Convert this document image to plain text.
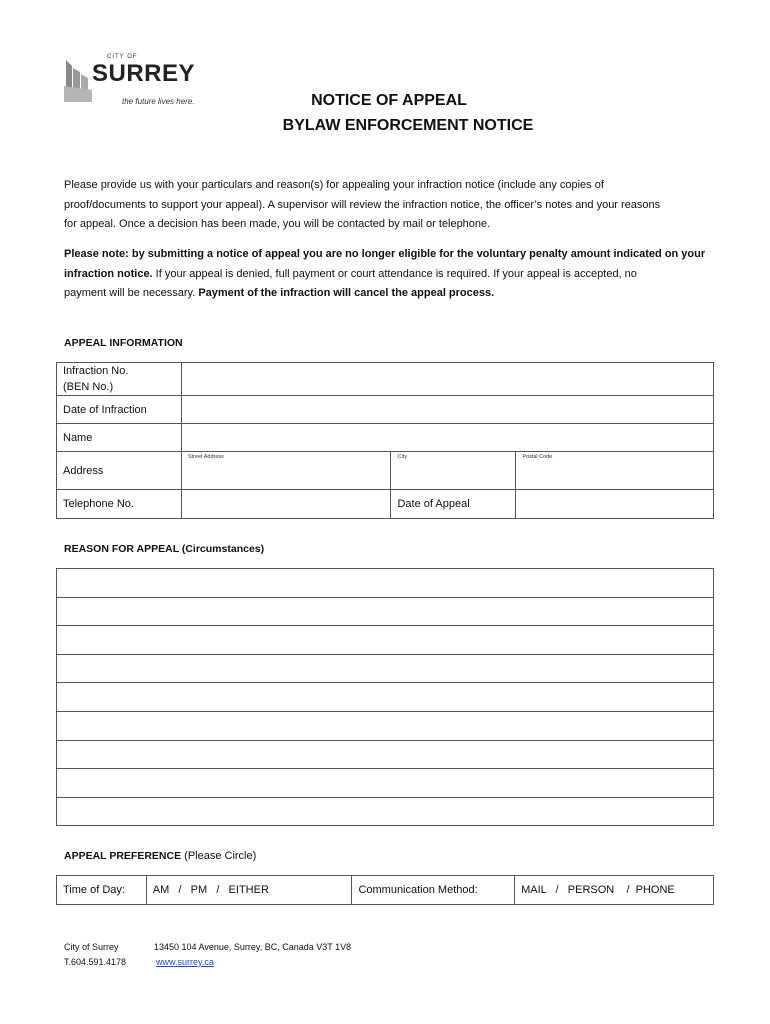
CITY OF
SURREY
the future lives here.	NOTICE OF APPEAL
BYLAW ENFORCEMENT NOTICE
Please provide us with your particulars and reason(s) for appealing your infraction notice (include any copies of
proof/documents to support your appeal). A supervisor will review the infraction notice, the officer’s notes and your reasons
for appeal. Once a decision has been made, you will be contacted by mail or telephone.
Please note: by submitting a notice of appeal you are no longer eligible for the voluntary penalty amount indicated on your
infraction notice. If your appeal is denied, full payment or court attendance is required. If your appeal is accepted, no
payment will be necessary. Payment of the infraction will cancel the appeal process.
APPEAL INFORMATION
Infraction No.
(BEN No.)			

Date of Infraction			
Name			
Address	Street Address	City	Postal Code
Telephone No.		Date of Appeal	
REASON FOR APPEAL (Circumstances)

APPEAL PREFERENCE (Please Circle)
Time of Day:	AM   /   PM   /   EITHER	Communication Method:	MAIL   /   PERSON    /  PHONE
City of Surrey
T.604.591.4178
13450 104 Avenue, Surrey, BC, Canada V3T 1V8
www.surrey.ca
